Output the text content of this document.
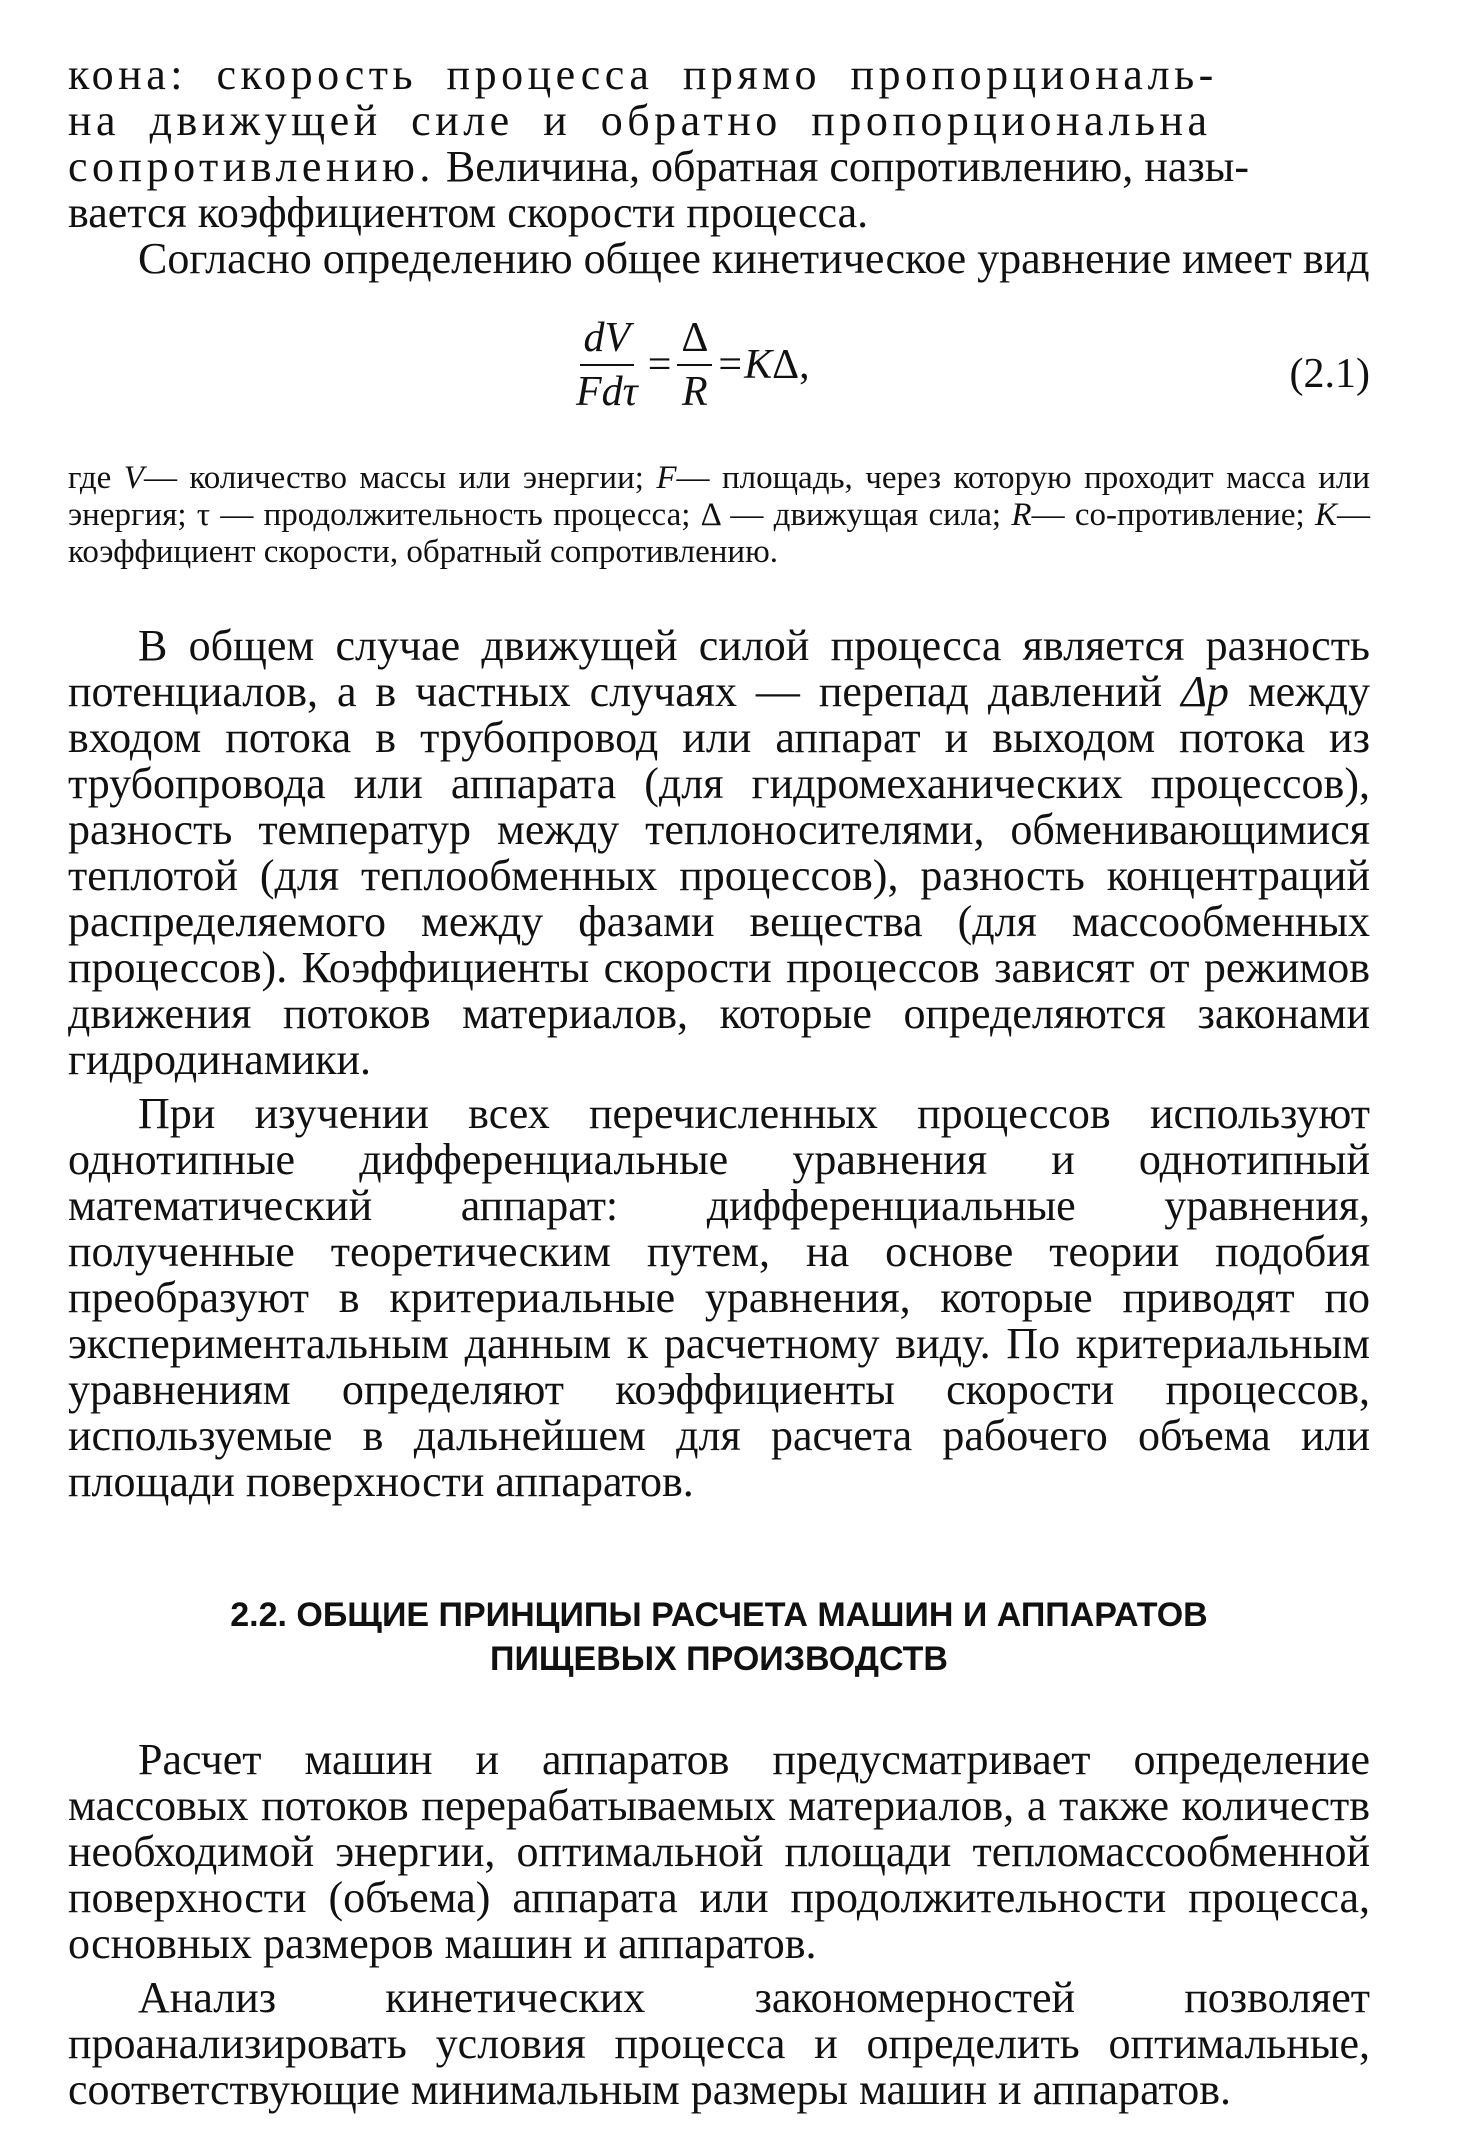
кона: скорость процесса прямо пропорциональ-
на движущей силе и обратно пропорциональна
сопротивлению. Величина, обратная сопротивлению, назы-
вается коэффициентом скорости процесса.

Согласно определению общее кинетическое уравнение имеет вид

$\frac{dV}{\text{Fdτ}} = \frac{\Delta}{R} = K\Delta$,	(2.1)

где V— количество массы или энергии; F— площадь, через которую проходит масса или энергия; τ — продолжительность процесса; Δ — движущая сила; R— со-противление; K— коэффициент скорости, обратный сопротивлению.

В общем случае движущей силой процесса является разность потенциалов, а в частных случаях — перепад давлений Δp между входом потока в трубопровод или аппарат и выходом потока из трубопровода или аппарата (для гидромеханических процессов), разность температур между теплоносителями, обменивающимися теплотой (для теплообменных процессов), разность концентраций распределяемого между фазами вещества (для массообменных процессов). Коэффициенты скорости процессов зависят от режимов движения потоков материалов, которые определяются законами гидродинамики.

При изучении всех перечисленных процессов используют однотипные дифференциальные уравнения и однотипный математический аппарат: дифференциальные уравнения, полученные теоретическим путем, на основе теории подобия преобразуют в критериальные уравнения, которые приводят по экспериментальным данным к расчетному виду. По критериальным уравнениям определяют коэффициенты скорости процессов, используемые в дальнейшем для расчета рабочего объема или площади поверхности аппаратов.

2.2. ОБЩИЕ ПРИНЦИПЫ РАСЧЕТА МАШИН И АППАРАТОВ
ПИЩЕВЫХ ПРОИЗВОДСТВ

Расчет машин и аппаратов предусматривает определение массовых потоков перерабатываемых материалов, а также количеств необходимой энергии, оптимальной площади тепломассообменной поверхности (объема) аппарата или продолжительности процесса, основных размеров машин и аппаратов.

Анализ кинетических закономерностей позволяет проанализировать условия процесса и определить оптимальные, соответствующие минимальным размеры машин и аппаратов.
